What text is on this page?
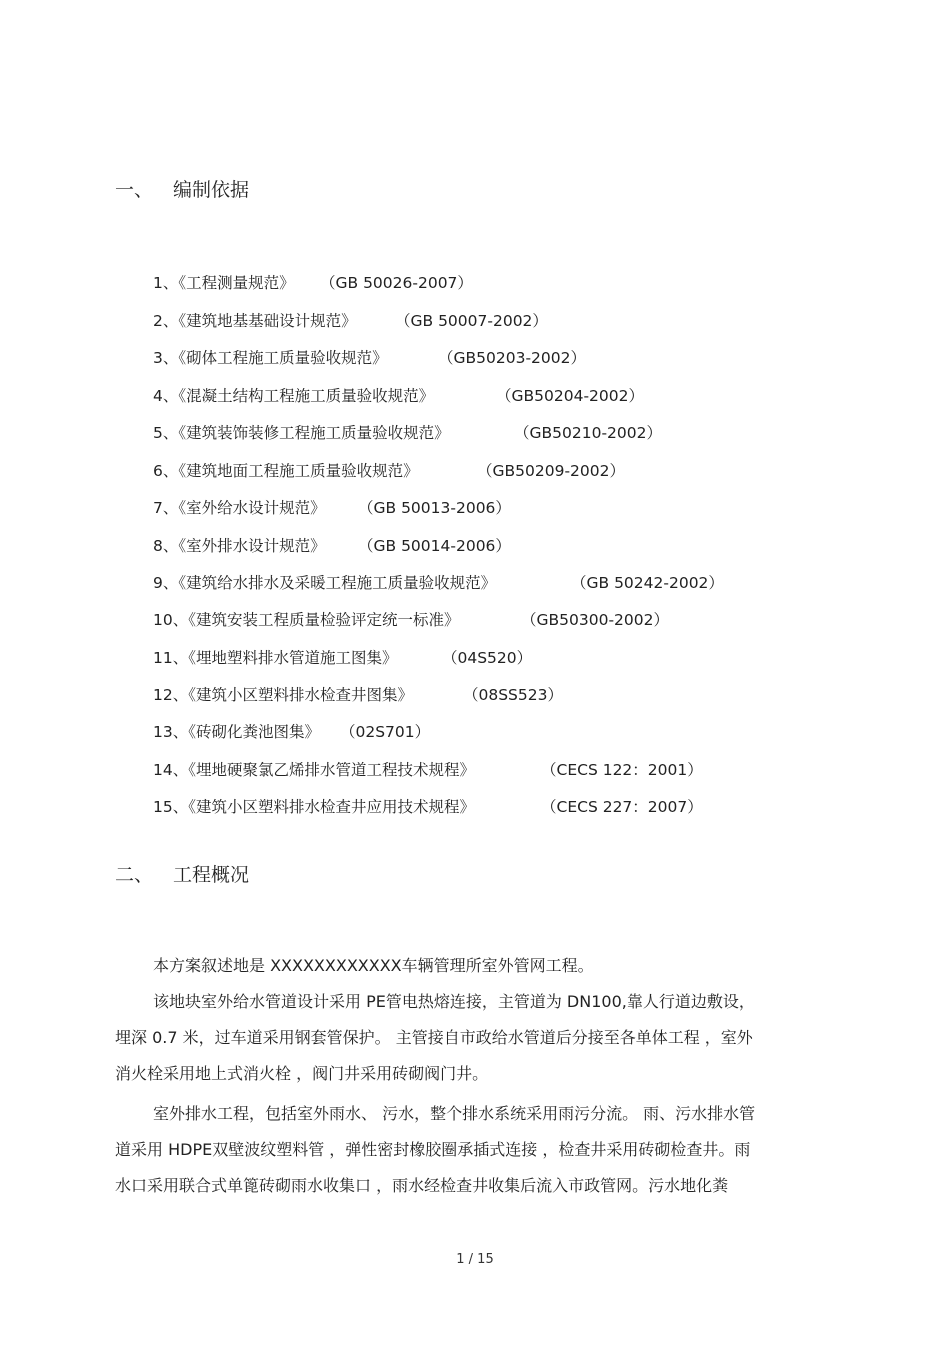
一、 编制依据
1、《工程测量规范》 （GB 50026-2007）
2、《建筑地基基础设计规范》 （GB 50007-2002）
3、《砌体工程施工质量验收规范》	（GB50203-2002）
4、《混凝土结构工程施工质量验收规范》	（GB50204-2002）
5、《建筑装饰装修工程施工质量验收规范》	（GB50210-2002）
6、《建筑地面工程施工质量验收规范》	（GB50209-2002）
7、《室外给水设计规范》 （GB 50013-2006）
8、《室外排水设计规范》 （GB 50014-2006）
9、《建筑给水排水及采暖工程施工质量验收规范》	（GB 50242-2002）
10、《建筑安装工程质量检验评定统一标准》	（GB50300-2002）
11、《埋地塑料排水管道施工图集》	（04S520）
12、《建筑小区塑料排水检查井图集》	（08SS523）
13、《砖砌化粪池图集》 （02S701）
14、《埋地硬聚氯乙烯排水管道工程技术规程》	（CECS 122：2001）
15、《建筑小区塑料排水检查井应用技术规程》	（CECS 227：2007）
二、 工程概况
本方案叙述地是 XXXXXXXXXXXX车辆管理所室外管网工程。
该地块室外给水管道设计采用 PE管电热熔连接，主管道为 DN100,靠人行道边敷设，
埋深 0.7 米，过车道采用钢套管保护。 主管接自市政给水管道后分接至各单体工程 ，室外
消火栓采用地上式消火栓 ，阀门井采用砖砌阀门井。
室外排水工程，包括室外雨水、 污水，整个排水系统采用雨污分流。 雨、污水排水管
道采用 HDPE双壁波纹塑料管 ，弹性密封橡胶圈承插式连接 ，检查井采用砖砌检查井。雨
水口采用联合式单篦砖砌雨水收集口 ，雨水经检查井收集后流入市政管网。污水地化粪
1 / 15
